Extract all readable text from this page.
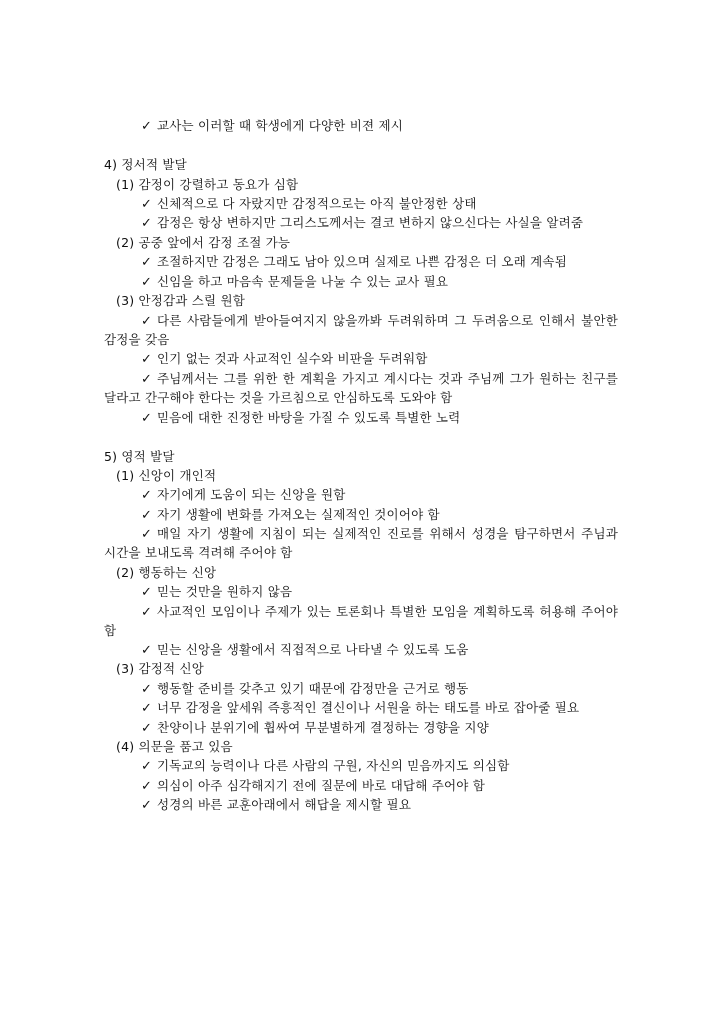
✓ 교사는 이러할 때 학생에게 다양한 비젼 제시
4) 정서적 발달
(1) 감정이 강렬하고 동요가 심함
✓ 신체적으로 다 자랐지만 감정적으로는 아직 불안정한 상태
✓ 감정은 항상 변하지만 그리스도께서는 결코 변하지 않으신다는 사실을 알려줌
(2) 공중 앞에서 감정 조절 가능
✓ 조절하지만 감정은 그래도 남아 있으며 실제로 나쁜 감정은 더 오래 계속됨
✓ 신임을 하고 마음속 문제들을 나눌 수 있는 교사 필요
(3) 안정감과 스릴 원함
✓ 다른 사람들에게 받아들여지지 않을까봐 두려워하며 그 두려움으로 인해서 불안한
감정을 갖음
✓ 인기 없는 것과 사교적인 실수와 비판을 두려워함
✓ 주님께서는 그를 위한 한 계획을 가지고 계시다는 것과 주님께 그가 원하는 친구를
달라고 간구해야 한다는 것을 가르침으로 안심하도록 도와야 함
✓ 믿음에 대한 진정한 바탕을 가질 수 있도록 특별한 노력
5) 영적 발달
(1) 신앙이 개인적
✓ 자기에게 도움이 되는 신앙을 원함
✓ 자기 생활에 변화를 가져오는 실제적인 것이어야 함
✓ 매일 자기 생활에 지침이 되는 실제적인 진로를 위해서 성경을 탐구하면서 주님과
시간을 보내도록 격려해 주어야 함
(2) 행동하는 신앙
✓ 믿는 것만을 원하지 않음
✓ 사교적인 모임이나 주제가 있는 토론회나 특별한 모임을 계획하도록 허용해 주어야
함
✓ 믿는 신앙을 생활에서 직접적으로 나타낼 수 있도록 도움
(3) 감정적 신앙
✓ 행동할 준비를 갖추고 있기 때문에 감정만을 근거로 행동
✓ 너무 감정을 앞세워 즉흥적인 결신이나 서원을 하는 태도를 바로 잡아줄 필요
✓ 찬양이나 분위기에 휩싸여 무분별하게 결정하는 경향을 지양
(4) 의문을 품고 있음
✓ 기독교의 능력이나 다른 사람의 구원, 자신의 믿음까지도 의심함
✓ 의심이 아주 심각해지기 전에 질문에 바로 대답해 주어야 함
✓ 성경의 바른 교훈아래에서 해답을 제시할 필요
